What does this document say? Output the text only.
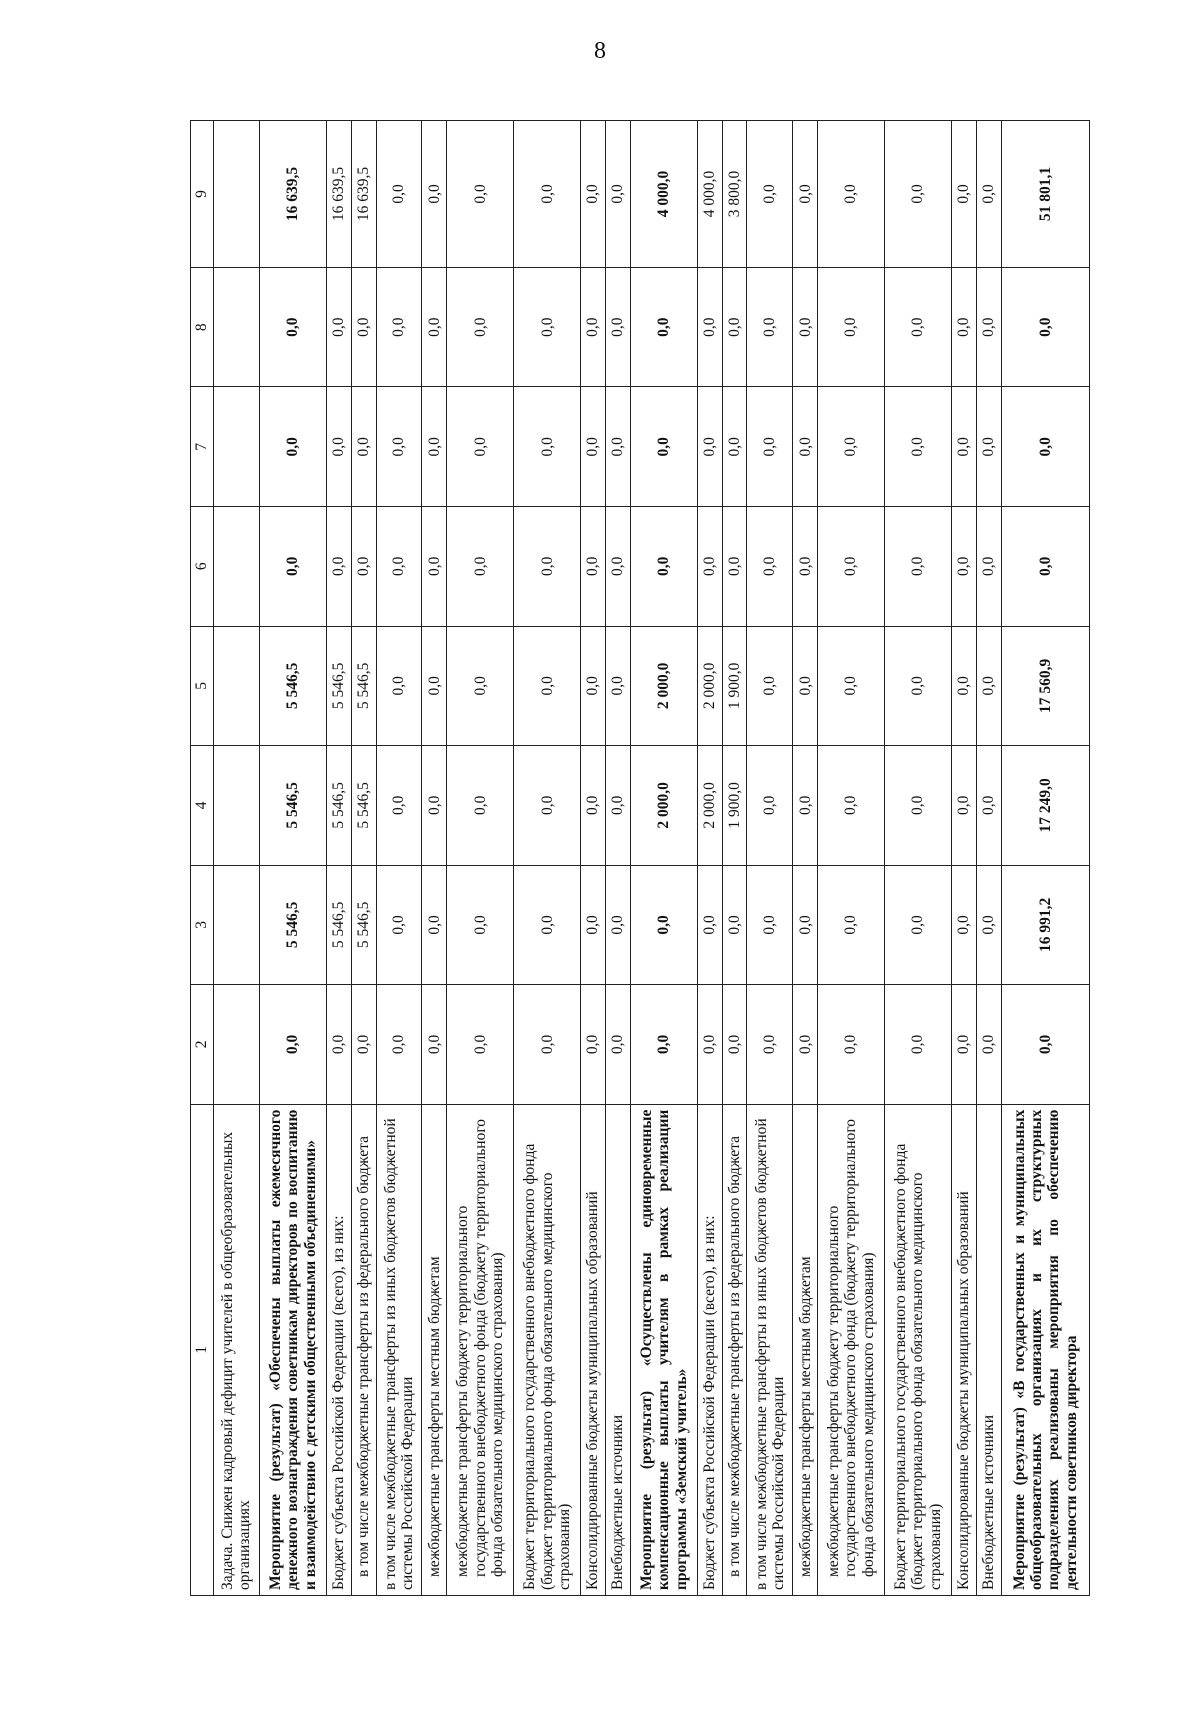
8
1	2	3	4	5	6	7	8	9
Задача. Снижен кадровый дефицит учителей в общеобразовательных организациях								
Мероприятие (результат) «Обеспечены выплаты ежемесячного денежного вознаграждения советникам директоров по воспитанию и взаимодействию с детскими общественными объединениями»	0,0	5 546,5	5 546,5	5 546,5	0,0	0,0	0,0	16 639,5
Бюджет субъекта Российской Федерации (всего), из них:	0,0	5 546,5	5 546,5	5 546,5	0,0	0,0	0,0	16 639,5
в том числе межбюджетные трансферты из федерального бюджета	0,0	5 546,5	5 546,5	5 546,5	0,0	0,0	0,0	16 639,5
в том числе межбюджетные трансферты из иных бюджетов бюджетной системы Российской Федерации	0,0	0,0	0,0	0,0	0,0	0,0	0,0	0,0
межбюджетные трансферты местным бюджетам	0,0	0,0	0,0	0,0	0,0	0,0	0,0	0,0
межбюджетные трансферты бюджету территориального государственного внебюджетного фонда (бюджету территориального фонда обязательного медицинского страхования)	0,0	0,0	0,0	0,0	0,0	0,0	0,0	0,0
Бюджет территориального государственного внебюджетного фонда (бюджет территориального фонда обязательного медицинского страхования)	0,0	0,0	0,0	0,0	0,0	0,0	0,0	0,0
Консолидированные бюджеты муниципальных образований	0,0	0,0	0,0	0,0	0,0	0,0	0,0	0,0
Внебюджетные источники	0,0	0,0	0,0	0,0	0,0	0,0	0,0	0,0
Мероприятие (результат) «Осуществлены единовременные компенсационные выплаты учителям в рамках реализации программы «Земский учитель»	0,0	0,0	2 000,0	2 000,0	0,0	0,0	0,0	4 000,0
Бюджет субъекта Российской Федерации (всего), из них:	0,0	0,0	2 000,0	2 000,0	0,0	0,0	0,0	4 000,0
в том числе межбюджетные трансферты из федерального бюджета	0,0	0,0	1 900,0	1 900,0	0,0	0,0	0,0	3 800,0
в том числе межбюджетные трансферты из иных бюджетов бюджетной системы Российской Федерации	0,0	0,0	0,0	0,0	0,0	0,0	0,0	0,0
межбюджетные трансферты местным бюджетам	0,0	0,0	0,0	0,0	0,0	0,0	0,0	0,0
межбюджетные трансферты бюджету территориального государственного внебюджетного фонда (бюджету территориального фонда обязательного медицинского страхования)	0,0	0,0	0,0	0,0	0,0	0,0	0,0	0,0
Бюджет территориального государственного внебюджетного фонда (бюджет территориального фонда обязательного медицинского страхования)	0,0	0,0	0,0	0,0	0,0	0,0	0,0	0,0
Консолидированные бюджеты муниципальных образований	0,0	0,0	0,0	0,0	0,0	0,0	0,0	0,0
Внебюджетные источники	0,0	0,0	0,0	0,0	0,0	0,0	0,0	0,0
Мероприятие (результат) «В государственных и муниципальных общеобразовательных организациях и их структурных подразделениях реализованы мероприятия по обеспечению деятельности советников директора	0,0	16 991,2	17 249,0	17 560,9	0,0	0,0	0,0	51 801,1
